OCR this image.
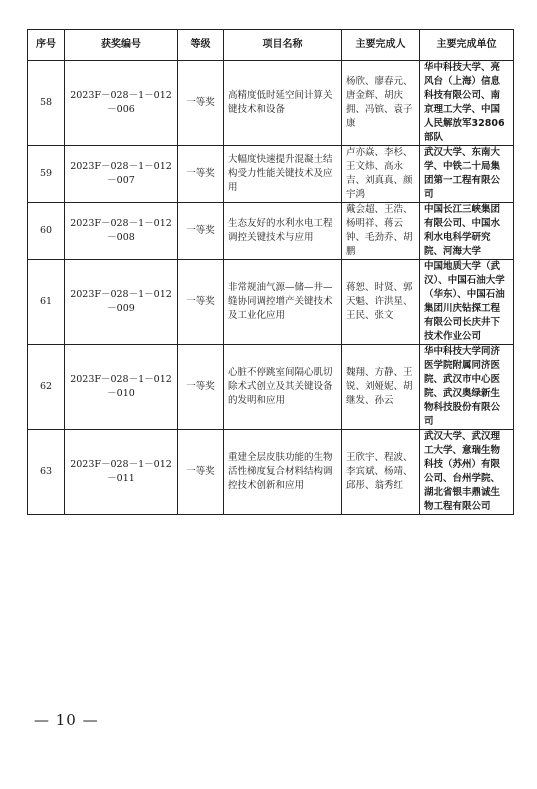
序号	获奖编号	等级	项目名称	主要完成人	主要完成单位
58	2023F－028－1－012－006	一等奖	高精度低时延空间计算关键技术和设备	杨欣、廖春元、唐金辉、胡庆拥、冯镔、袁子康	华中科技大学、亮风台（上海）信息科技有限公司、南京理工大学、中国人民解放军32806部队
59	2023F－028－1－012－007	一等奖	大幅度快速提升混凝土结构受力性能关键技术及应用	卢亦焱、李杉、王文炜、高永吉、刘真真、颜宇鸿	武汉大学、东南大学、中铁二十局集团第一工程有限公司
60	2023F－028－1－012－008	一等奖	生态友好的水利水电工程调控关键技术与应用	戴会超、王浩、杨明祥、蒋云钟、毛劲乔、胡鹏	中国长江三峡集团有限公司、中国水利水电科学研究院、河海大学
61	2023F－028－1－012－009	一等奖	非常规油气源—储—井—缝协同调控增产关键技术及工业化应用	蒋恕、时贤、郭天魁、许洪星、王民、张文	中国地质大学（武汉）、中国石油大学（华东）、中国石油集团川庆钻探工程有限公司长庆井下技术作业公司
62	2023F－028－1－012－010	一等奖	心脏不停跳室间隔心肌切除术式创立及其关键设备的发明和应用	魏翔、方静、王锐、刘娅妮、胡继发、孙云	华中科技大学同济医学院附属同济医院、武汉市中心医院、武汉奥绿新生物科技股份有限公司
63	2023F－028－1－012－011	一等奖	重建全层皮肤功能的生物活性梯度复合材料结构调控技术创新和应用	王欣宇、程波、李宾斌、杨靖、邱彤、翁秀红	武汉大学、武汉理工大学、意瑞生物科技（苏州）有限公司、台州学院、湖北省银丰鼎诚生物工程有限公司
— 10 —
